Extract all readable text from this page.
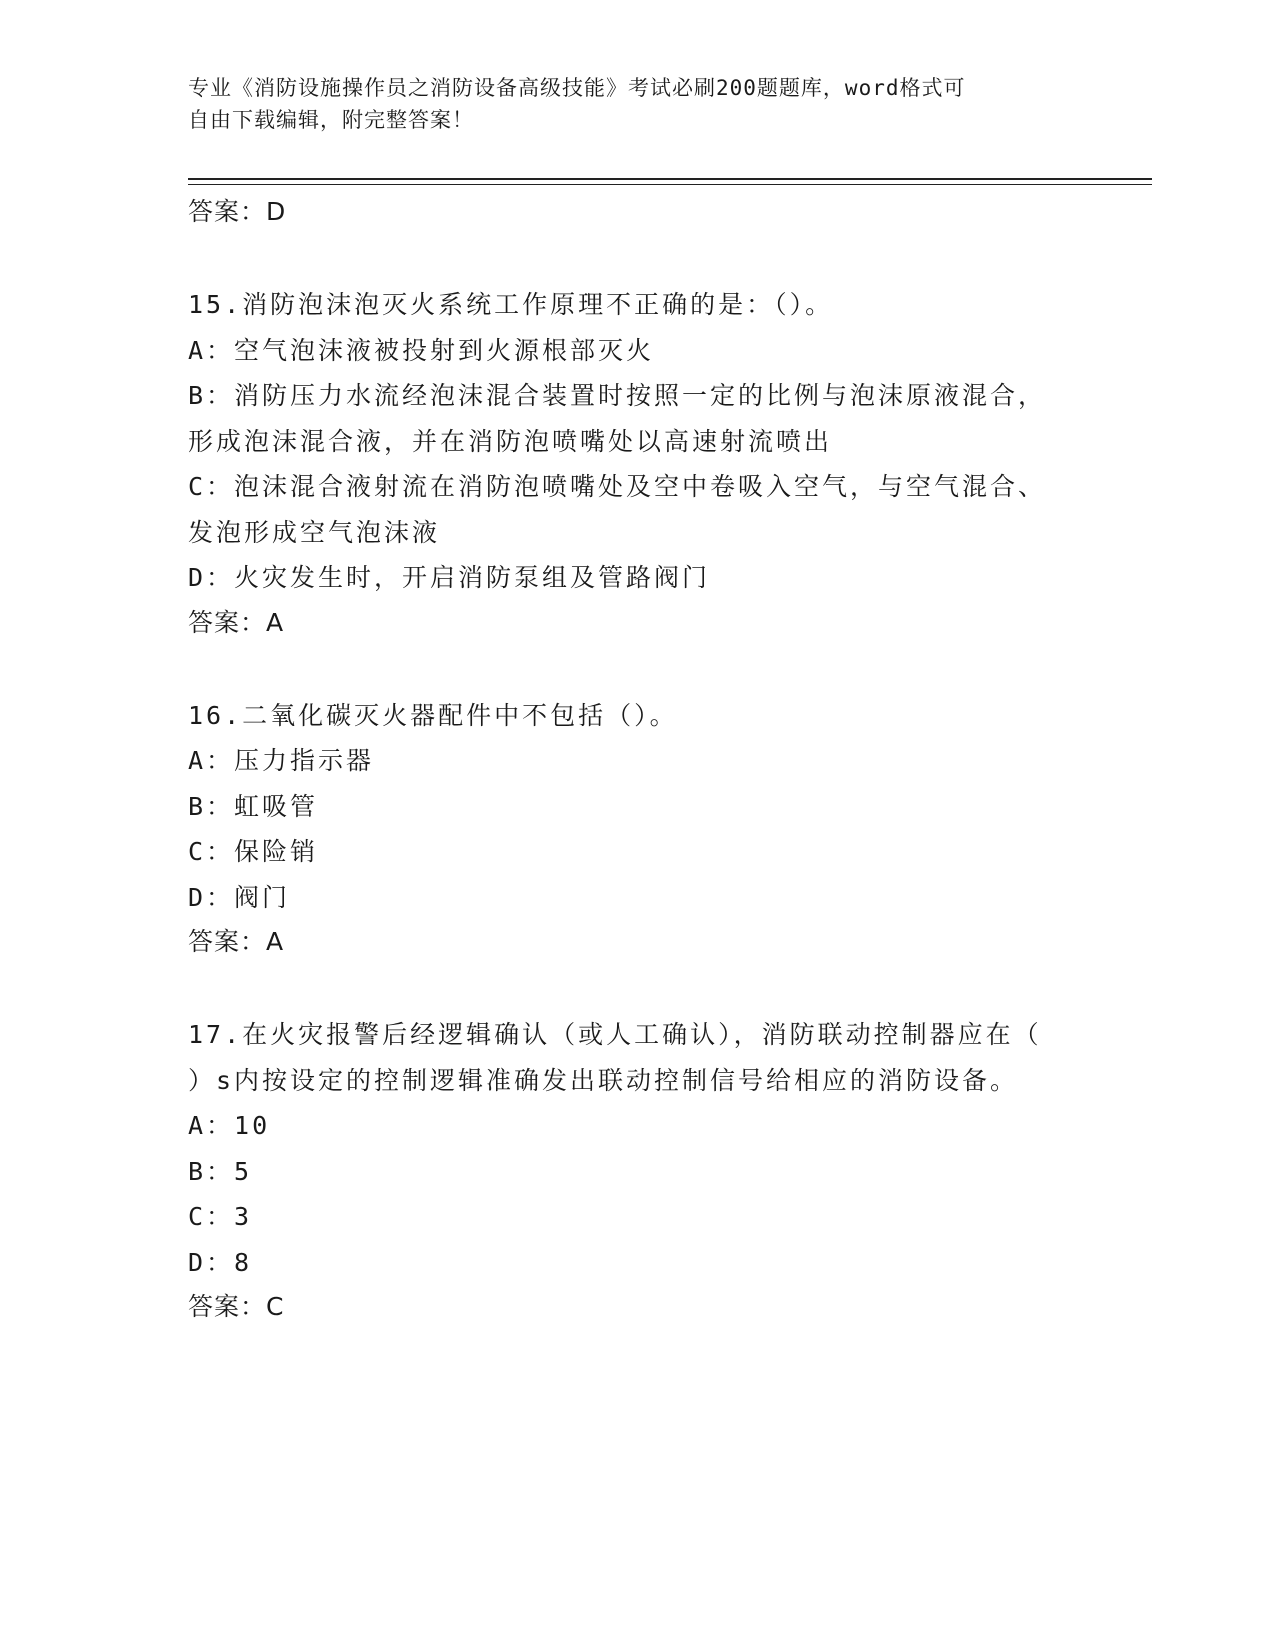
专业《消防设施操作员之消防设备高级技能》考试必刷200题题库，word格式可
自由下载编辑，附完整答案！
答案：D
15.消防泡沫泡灭火系统工作原理不正确的是：（）。
A：空气泡沫液被投射到火源根部灭火
B：消防压力水流经泡沫混合装置时按照一定的比例与泡沫原液混合，
形成泡沫混合液，并在消防泡喷嘴处以高速射流喷出
C：泡沫混合液射流在消防泡喷嘴处及空中卷吸入空气，与空气混合、
发泡形成空气泡沫液
D：火灾发生时，开启消防泵组及管路阀门
答案：A
16.二氧化碳灭火器配件中不包括（）。
A：压力指示器
B：虹吸管
C：保险销
D：阀门
答案：A
17.在火灾报警后经逻辑确认（或人工确认），消防联动控制器应在（
）s内按设定的控制逻辑准确发出联动控制信号给相应的消防设备。
A：10
B：5
C：3
D：8
答案：C
